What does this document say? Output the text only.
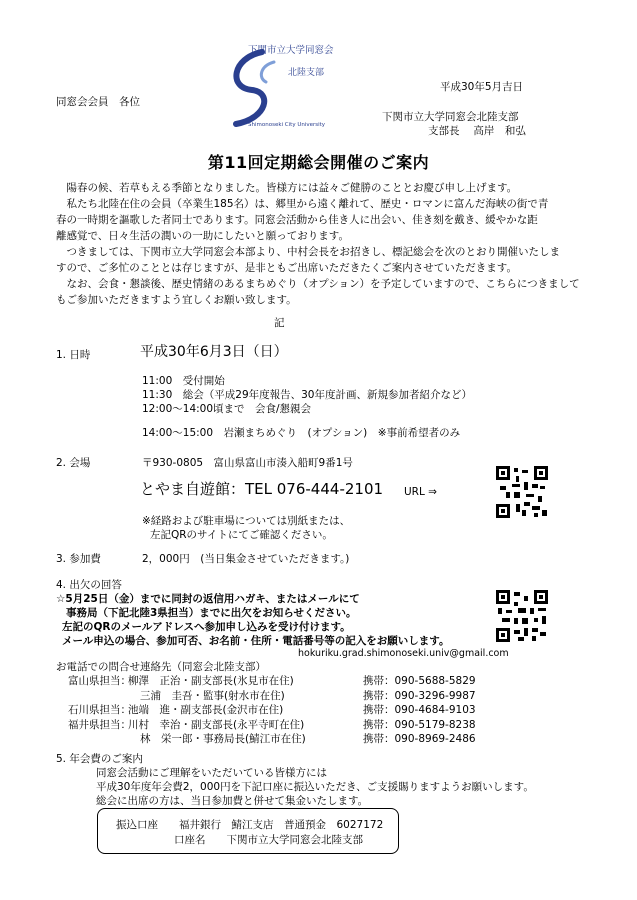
下関市立大学同窓会
北陸支部
Shimonoseki City University
平成30年5月吉日
同窓会会員　各位
下関市立大学同窓会北陸支部
支部長　 高岸　和弘
第11回定期総会開催のご案内
　陽春の候、若草もえる季節となりました。皆様方には益々ご健勝のこととお慶び申し上げます。
　私たち北陸在住の会員（卒業生185名）は、郷里から遠く離れて、歴史・ロマンに富んだ海峡の街で青
春の一時期を謳歌した者同士であります。同窓会活動から佳き人に出会い、佳き刻を戴き、緩やかな距
離感覚で、日々生活の潤いの一助にしたいと願っております。
　つきましては、下関市立大学同窓会本部より、中村会長をお招きし、標記総会を次のとおり開催いたしま
すので、ご多忙のこととは存じますが、是非ともご出席いただきたくご案内させていただきます。
　なお、会食・懇談後、歴史情緒のあるまちめぐり（オプション）を予定していますので、こちらにつきまして
もご参加いただきますよう宜しくお願い致します。
記
1. 日時	平成30年6月3日（日）
11:00　受付開始
11:30　総会（平成29年度報告、30年度計画、新規参加者紹介など）
12:00～14:00頃まで　会食/懇親会
14:00～15:00　岩瀬まちめぐり　(オプション)　※事前希望者のみ
2. 会場	〒930-0805　富山県富山市湊入船町9番1号
とやま自遊館：TEL 076-444-2101 URL ⇒
※経路および駐車場については別紙または、
左記QRのサイトにてご確認ください。
3. 参加費	2，000円　(当日集金させていただきます。)
4. 出欠の回答
☆5月25日（金）までに同封の返信用ハガキ、またはメールにて
事務局（下記北陸3県担当）までに出欠をお知らせください。
左記のQRのメールアドレスへ参加申し込みを受け付けます。
メール申込の場合、参加可否、お名前・住所・電話番号等の記入をお願いします。
hokuriku.grad.shimonoseki.univ@gmail.com
お電話での問合せ連絡先（同窓会北陸支部）
富山県担当：
柳澤　正治・副支部長(氷見市在住)	携帯：090-5688-5829
三浦　圭吾・監事(射水市在住)	携帯：090-3296-9987
石川県担当：
池端　進・副支部長(金沢市在住)	携帯：090-4684-9103
福井県担当：
川村　幸治・副支部長(永平寺町在住)	携帯：090-5179-8238
林　栄一郎・事務局長(鯖江市在住)	携帯：090-8969-2486
5. 年会費のご案内
同窓会活動にご理解をいただいている皆様方には
平成30年度年会費2，000円を下記口座に振込いただき、ご支援賜りますようお願いします。
総会に出席の方は、当日参加費と併せて集金いたします。
振込口座　　福井銀行　鯖江支店　普通預金　6027172
口座名　　下関市立大学同窓会北陸支部
